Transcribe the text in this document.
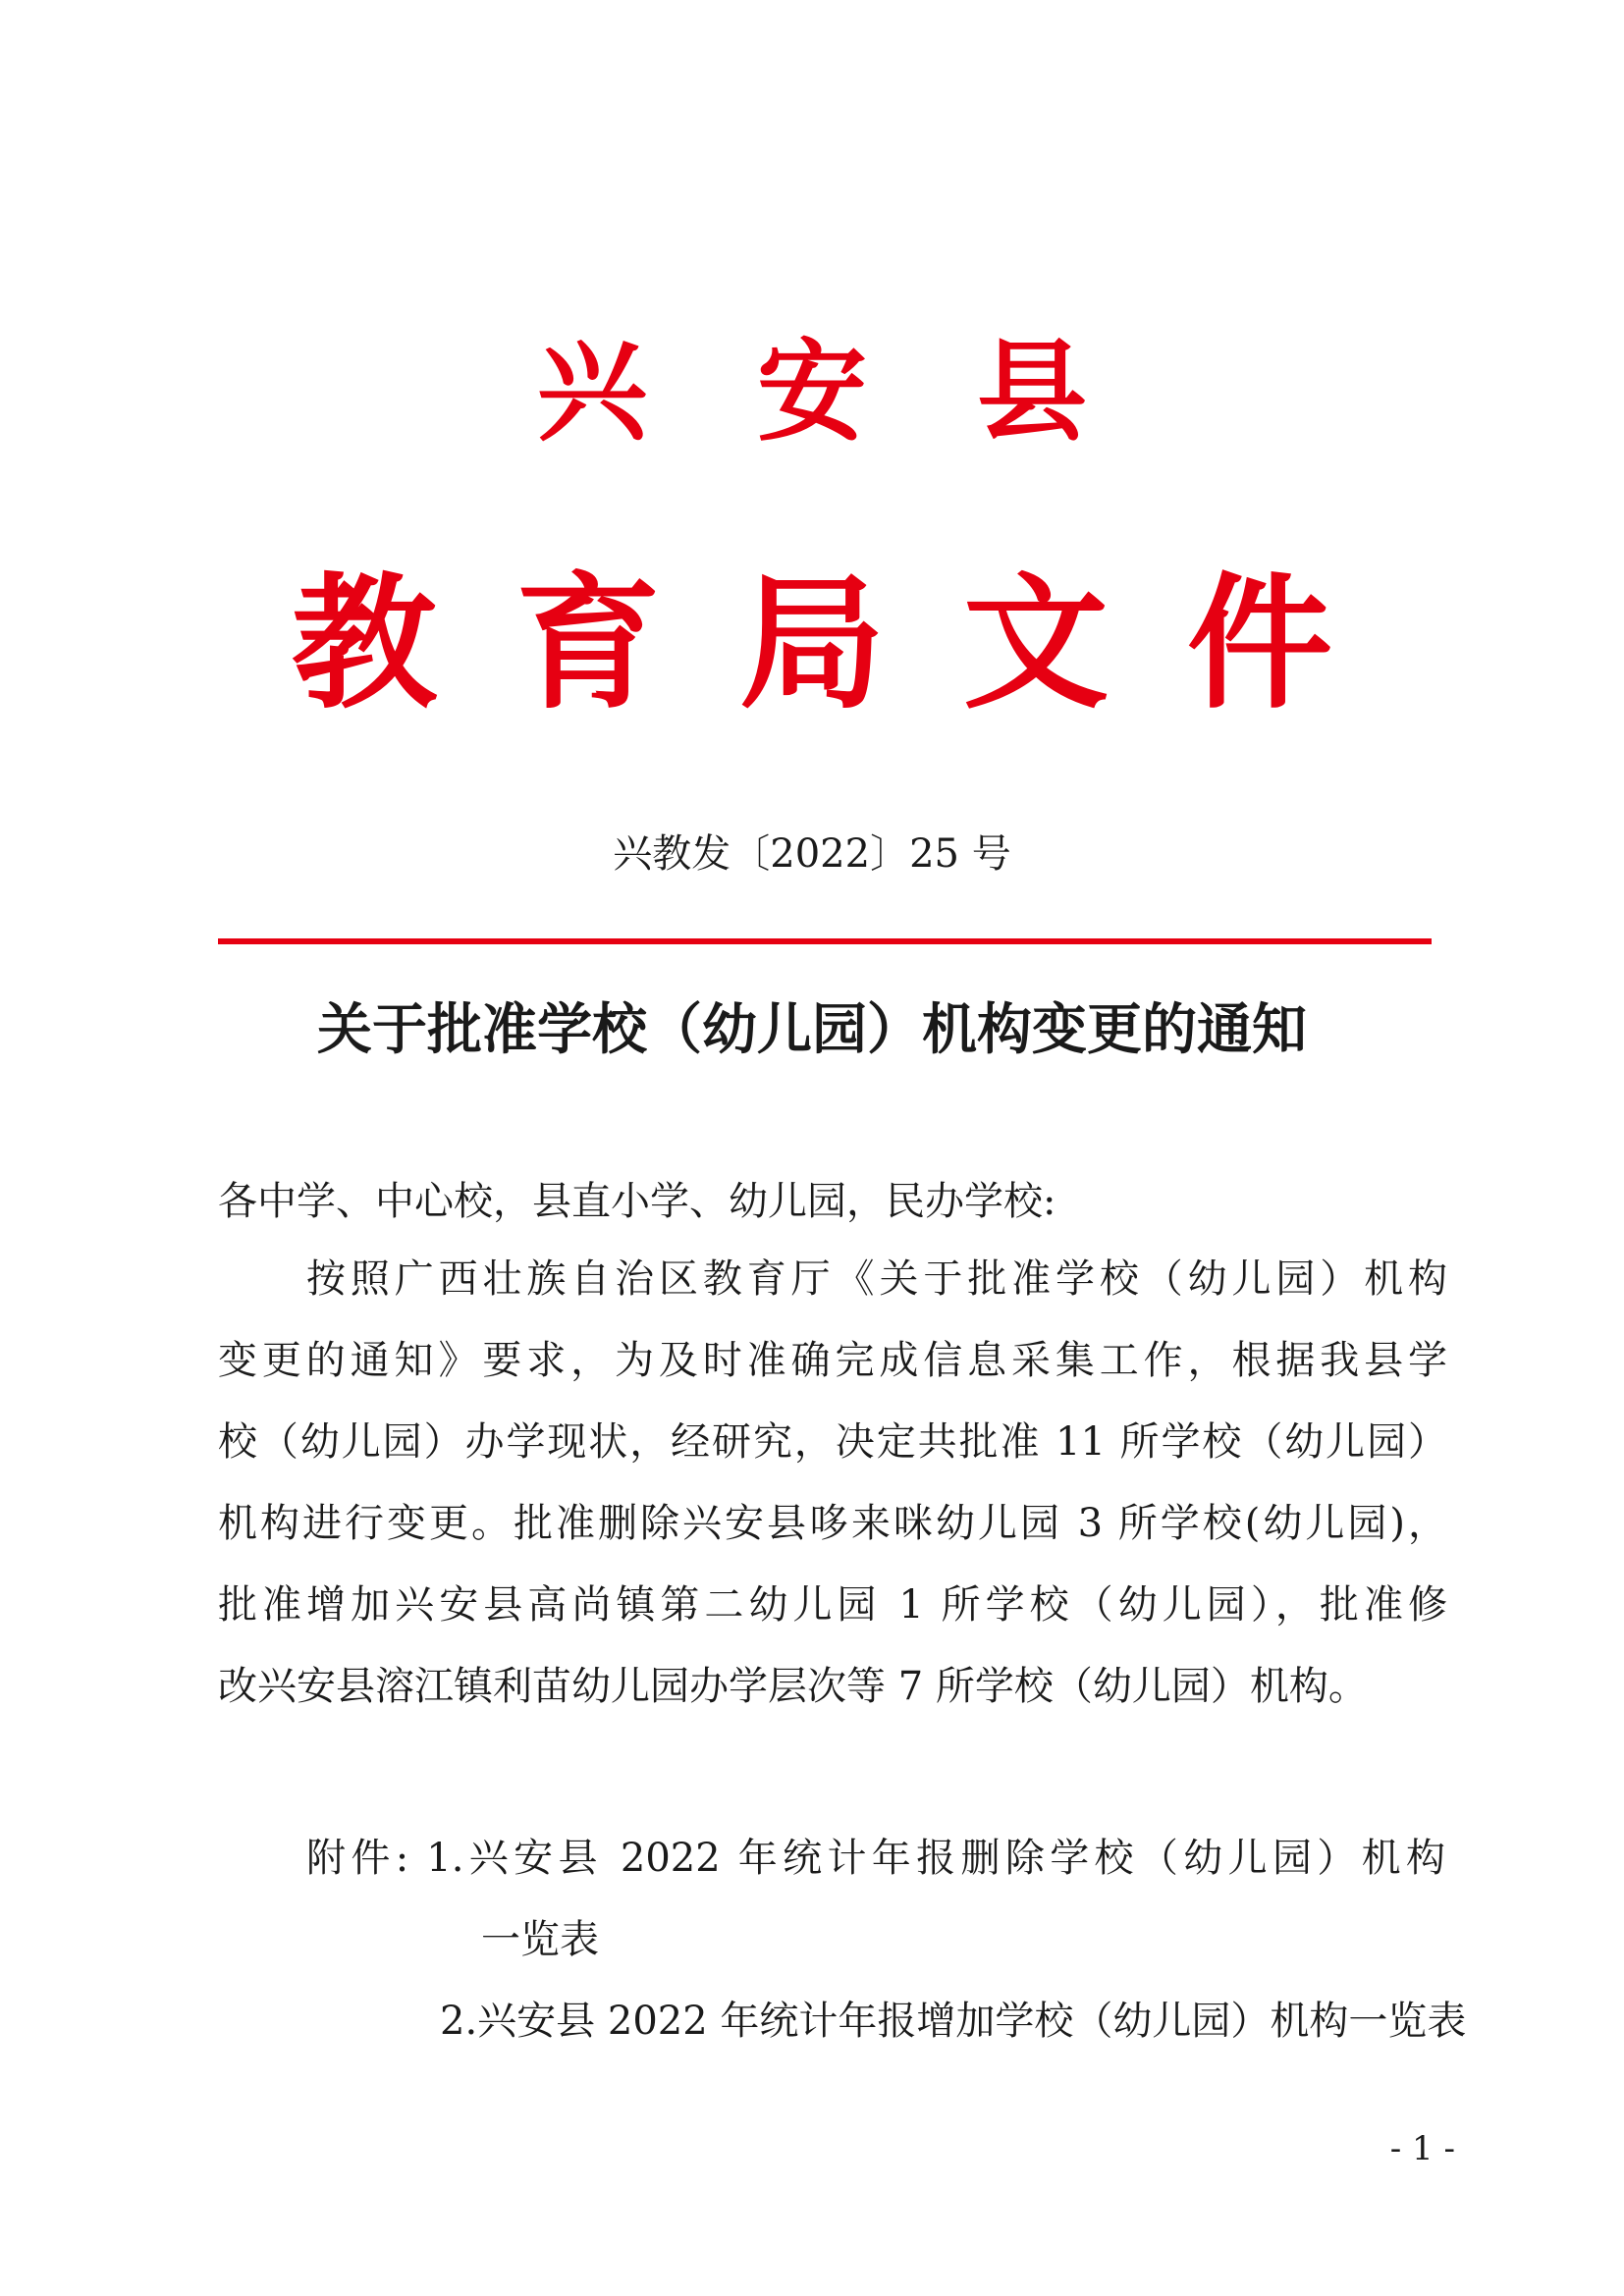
兴安县
教育局文件
兴教发〔2022〕25 号
关于批准学校（幼儿园）机构变更的通知
各中学、中心校，县直小学、幼儿园，民办学校:
按照广西壮族自治区教育厅《关于批准学校（幼儿园）机构
变更的通知》要求，为及时准确完成信息采集工作，根据我县学
校（幼儿园）办学现状，经研究，决定共批准 11 所学校（幼儿园）
机构进行变更。批准删除兴安县哆来咪幼儿园 3 所学校(幼儿园)，
批准增加兴安县高尚镇第二幼儿园 1 所学校（幼儿园），批准修
改兴安县溶江镇利苗幼儿园办学层次等 7 所学校（幼儿园）机构。
附件: 1.兴安县 2022 年统计年报删除学校（幼儿园）机构
一览表
2.兴安县 2022 年统计年报增加学校（幼儿园）机构一览表
- 1 -
